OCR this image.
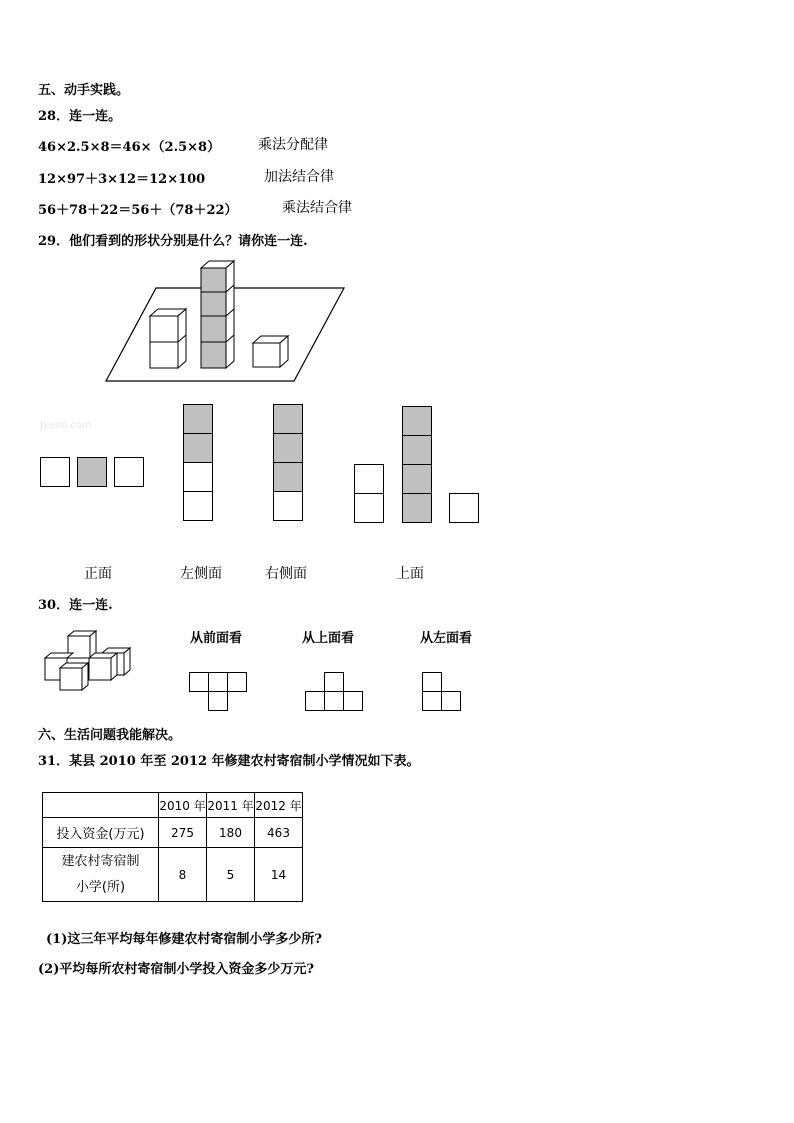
五、动手实践。
28．连一连。
46×2.5×8＝46×（2.5×8）	乘法分配律
12×97＋3×12＝12×100	加法结合律
56＋78＋22＝56＋（78＋22）	乘法结合律
29．他们看到的形状分别是什么？请你连一连.
Jyeoo.com
正面	左侧面	右侧面	上面
30．连一连.
从前面看	从上面看	从左面看
六、生活问题我能解决。
31．某县 2010 年至 2012 年修建农村寄宿制小学情况如下表。
	2010 年	2011 年	2012 年
投入资金(万元)	275	180	463

建农村寄宿制
小学(所)	8	5	14
(1)这三年平均每年修建农村寄宿制小学多少所?
(2)平均每所农村寄宿制小学投入资金多少万元?
